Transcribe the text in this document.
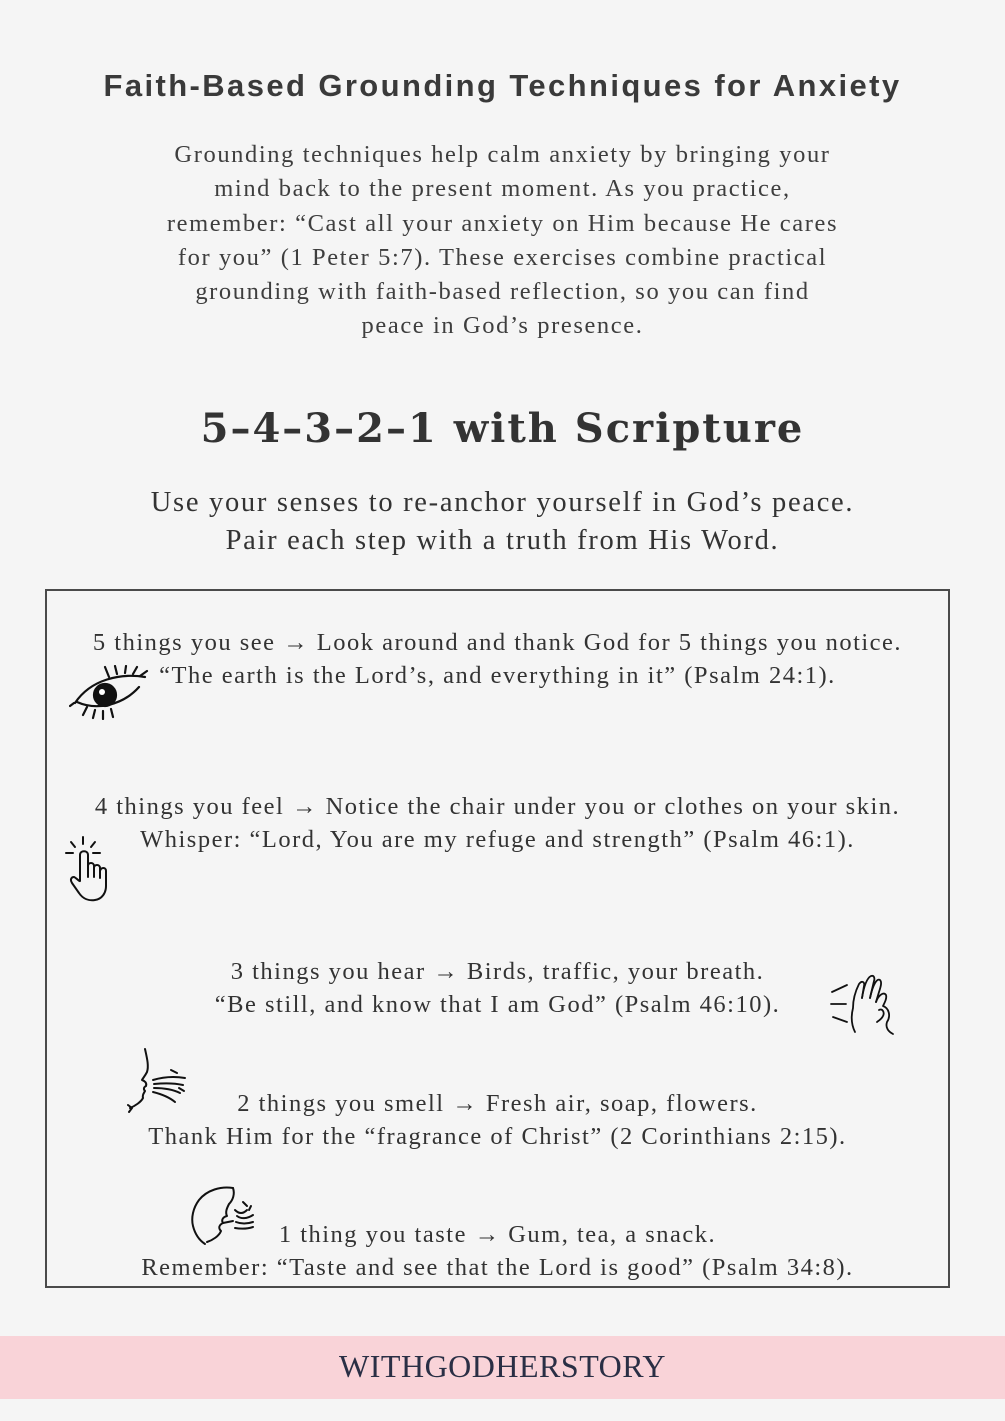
Faith-Based Grounding Techniques for Anxiety

Grounding techniques help calm anxiety by bringing your mind back to the present moment. As you practice, remember: “Cast all your anxiety on Him because He cares for you” (1 Peter 5:7). These exercises combine practical grounding with faith-based reflection, so you can find peace in God’s presence.

5–4–3–2–1 with Scripture
Use your senses to re-anchor yourself in God’s peace.
Pair each step with a truth from His Word.

5 things you see → Look around and thank God for 5 things you notice.

“The earth is the Lord’s, and everything in it” (Psalm 24:1).

4 things you feel → Notice the chair under you or clothes on your skin.

Whisper: “Lord, You are my refuge and strength” (Psalm 46:1).

3 things you hear → Birds, traffic, your breath.

“Be still, and know that I am God” (Psalm 46:10).

2 things you smell → Fresh air, soap, flowers.

Thank Him for the “fragrance of Christ” (2 Corinthians 2:15).

1 thing you taste → Gum, tea, a snack.

Remember: “Taste and see that the Lord is good” (Psalm 34:8).

WITHGODHERSTORY
